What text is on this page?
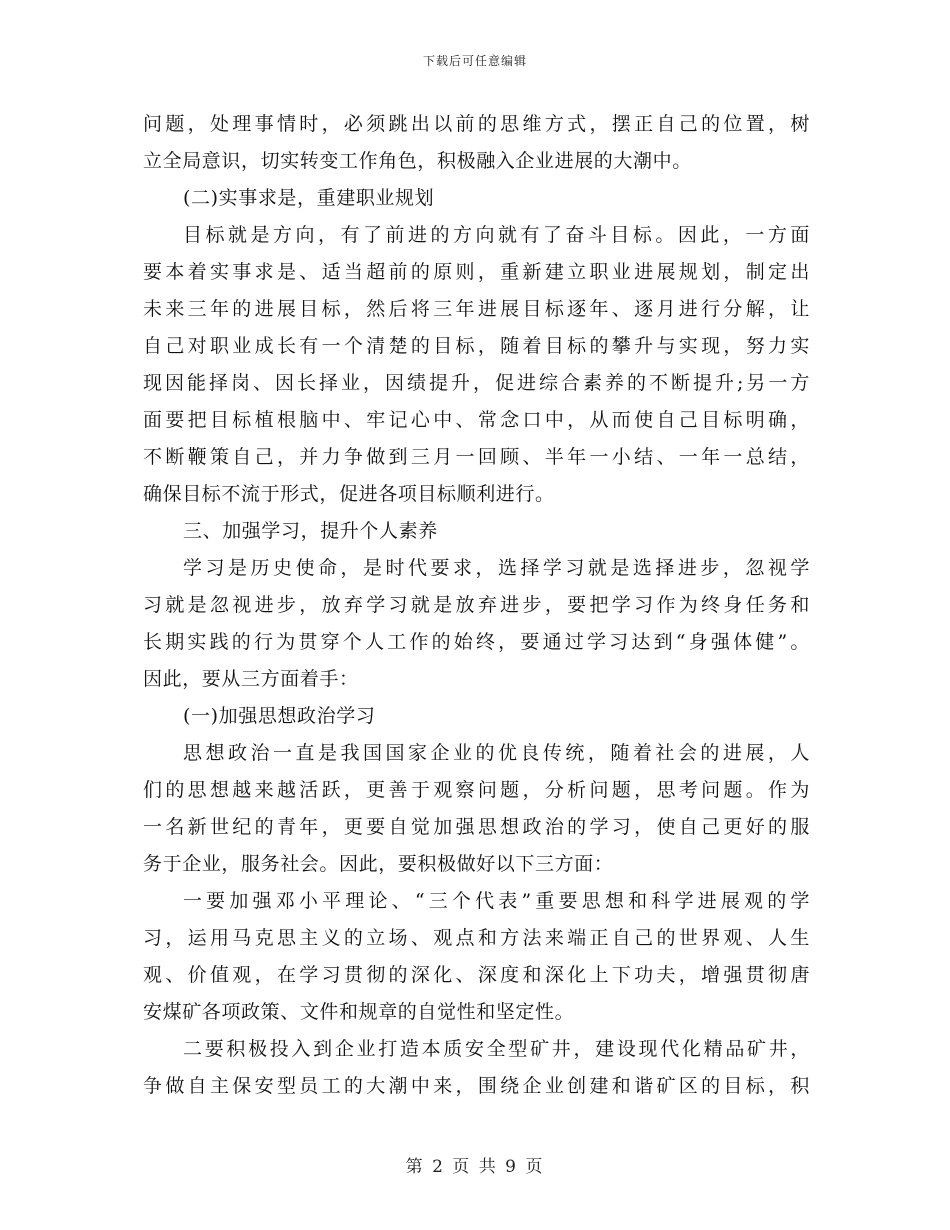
下载后可任意编辑
问题，处理事情时，必须跳出以前的思维方式，摆正自己的位置，树
立全局意识，切实转变工作角色，积极融入企业进展的大潮中。
(二)实事求是，重建职业规划
目标就是方向，有了前进的方向就有了奋斗目标。因此，一方面
要本着实事求是、适当超前的原则，重新建立职业进展规划，制定出
未来三年的进展目标，然后将三年进展目标逐年、逐月进行分解，让
自己对职业成长有一个清楚的目标，随着目标的攀升与实现，努力实
现因能择岗、因长择业，因绩提升，促进综合素养的不断提升;另一方
面要把目标植根脑中、牢记心中、常念口中，从而使自己目标明确，
不断鞭策自己，并力争做到三月一回顾、半年一小结、一年一总结，
确保目标不流于形式，促进各项目标顺利进行。
三、加强学习，提升个人素养
学习是历史使命，是时代要求，选择学习就是选择进步，忽视学
习就是忽视进步，放弃学习就是放弃进步，要把学习作为终身任务和
长期实践的行为贯穿个人工作的始终，要通过学习达到“身强体健”。
因此，要从三方面着手：
(一)加强思想政治学习
思想政治一直是我国国家企业的优良传统，随着社会的进展，人
们的思想越来越活跃，更善于观察问题，分析问题，思考问题。作为
一名新世纪的青年，更要自觉加强思想政治的学习，使自己更好的服
务于企业，服务社会。因此，要积极做好以下三方面：
一要加强邓小平理论、“三个代表”重要思想和科学进展观的学
习，运用马克思主义的立场、观点和方法来端正自己的世界观、人生
观、价值观，在学习贯彻的深化、深度和深化上下功夫，增强贯彻唐
安煤矿各项政策、文件和规章的自觉性和坚定性。
二要积极投入到企业打造本质安全型矿井，建设现代化精品矿井，
争做自主保安型员工的大潮中来，围绕企业创建和谐矿区的目标，积
第 2 页 共 9 页
